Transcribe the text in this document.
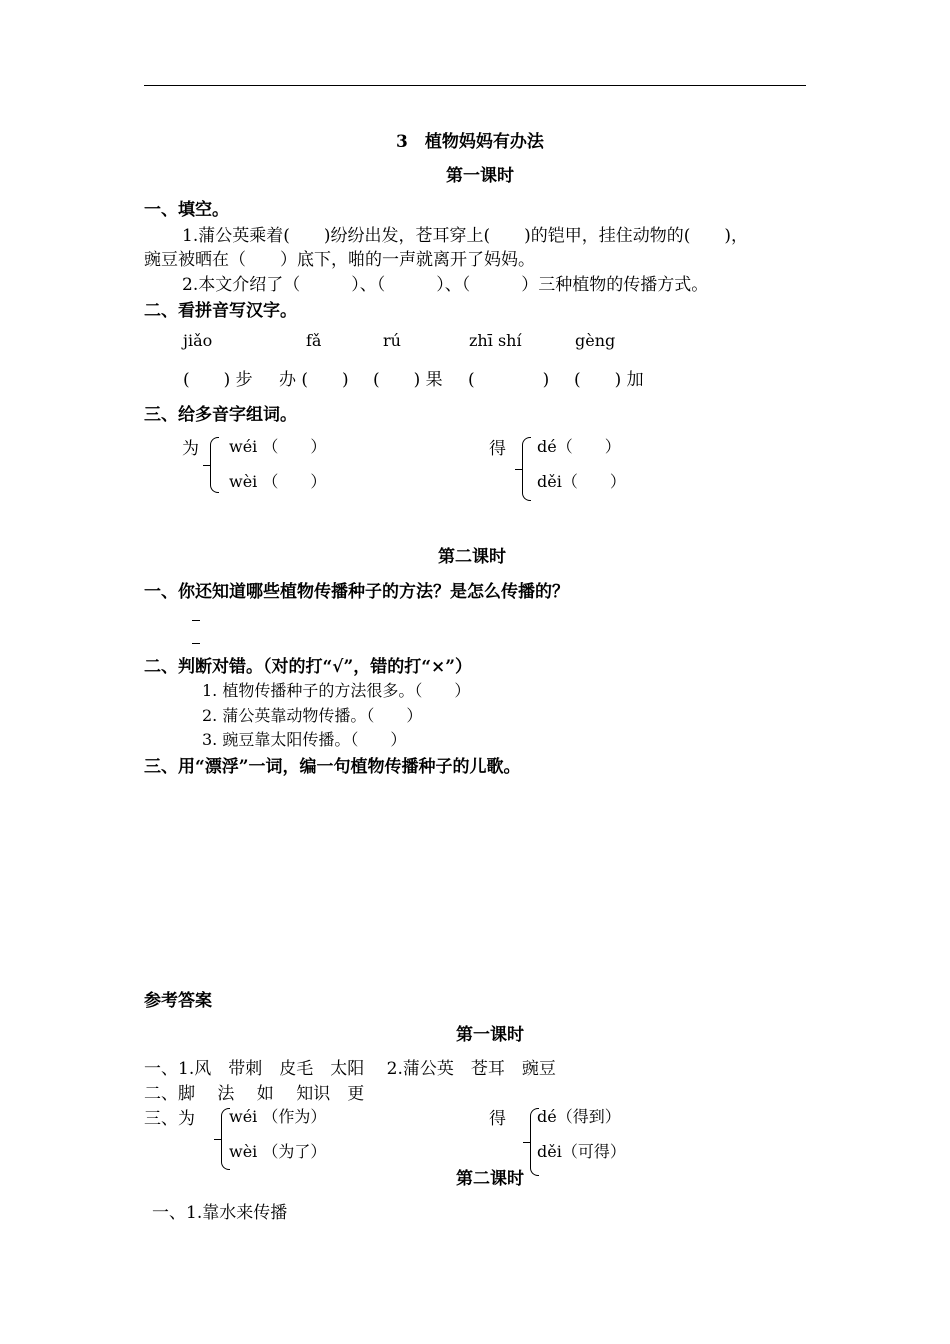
3　植物妈妈有办法
第一课时
一、填空。
1.蒲公英乘着(　　)纷纷出发，苍耳穿上(　　)的铠甲，挂住动物的(　　)，
豌豆被晒在（　　）底下，啪的一声就离开了妈妈。
2.本文介绍了（　　　）、（　　　）、（　　　）三种植物的传播方式。
二、看拼音写汉字。
jiǎo	fǎ	rú	zhī shí	gèng
(　　) 步 办 (　　) (　　) 果 (　　　　) (　　) 加
三、给多音字组词。
为 wéi （　　）
wèi （　　）
得 dé（　　）
děi（　　）
第二课时
一、你还知道哪些植物传播种子的方法？是怎么传播的？
二、判断对错。（对的打“√”，错的打“×”）
1. 植物传播种子的方法很多。（　　）
2. 蒲公英靠动物传播。（　　）
3. 豌豆靠太阳传播。（　　）
三、用“漂浮”一词，编一句植物传播种子的儿歌。
参考答案
第一课时
一、1.风　带刺　皮毛　太阳　 2.蒲公英　苍耳　豌豆
二、脚　 法　 如　 知识　更
三、为 wéi （作为）
wèi （为了）
得 dé（得到）
děi（可得）
第二课时
一、1.靠水来传播
